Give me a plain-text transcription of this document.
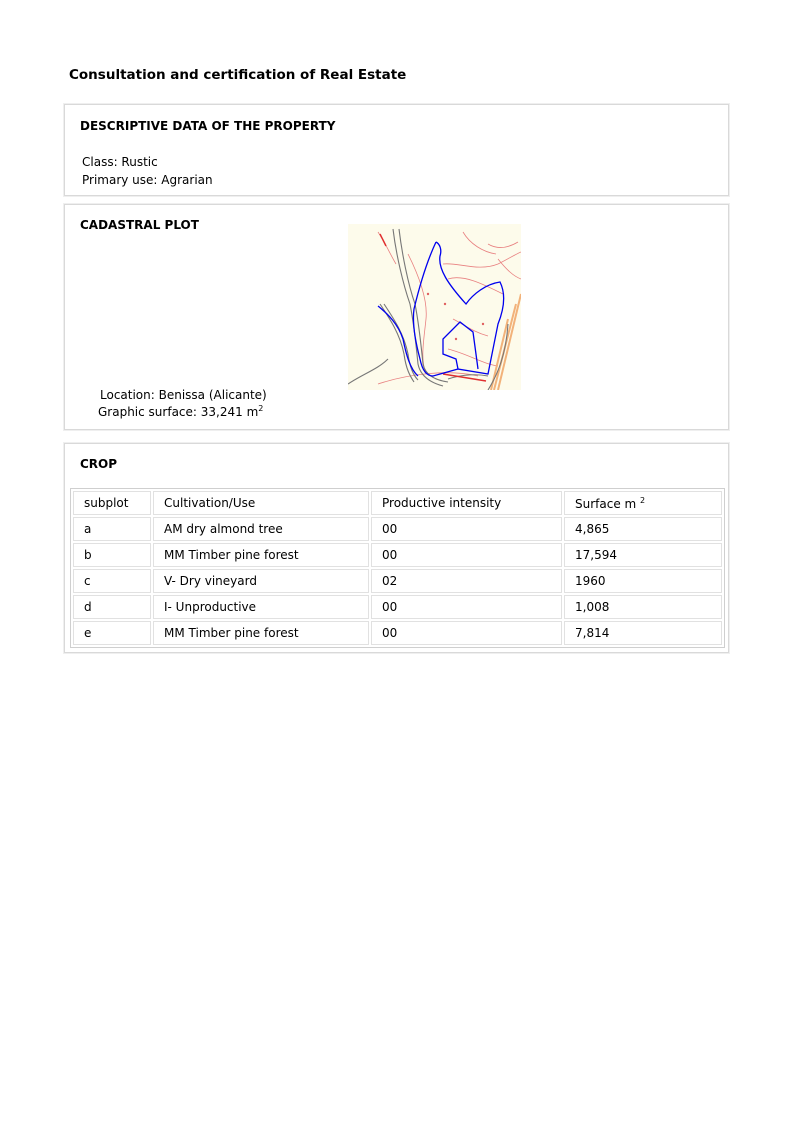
Consultation and certification of Real Estate
DESCRIPTIVE DATA OF THE PROPERTY
Class: Rustic
Primary use: Agrarian
CADASTRAL PLOT
Location: Benissa (Alicante)
Graphic surface: 33,241 $m^2$
CROP
subplot	Cultivation/Use	Productive intensity	Surface m $^2$
a	AM dry almond tree	00	4,865
b	MM Timber pine forest	00	17,594
c	V- Dry vineyard	02	1960
d	I- Unproductive	00	1,008
e	MM Timber pine forest	00	7,814
